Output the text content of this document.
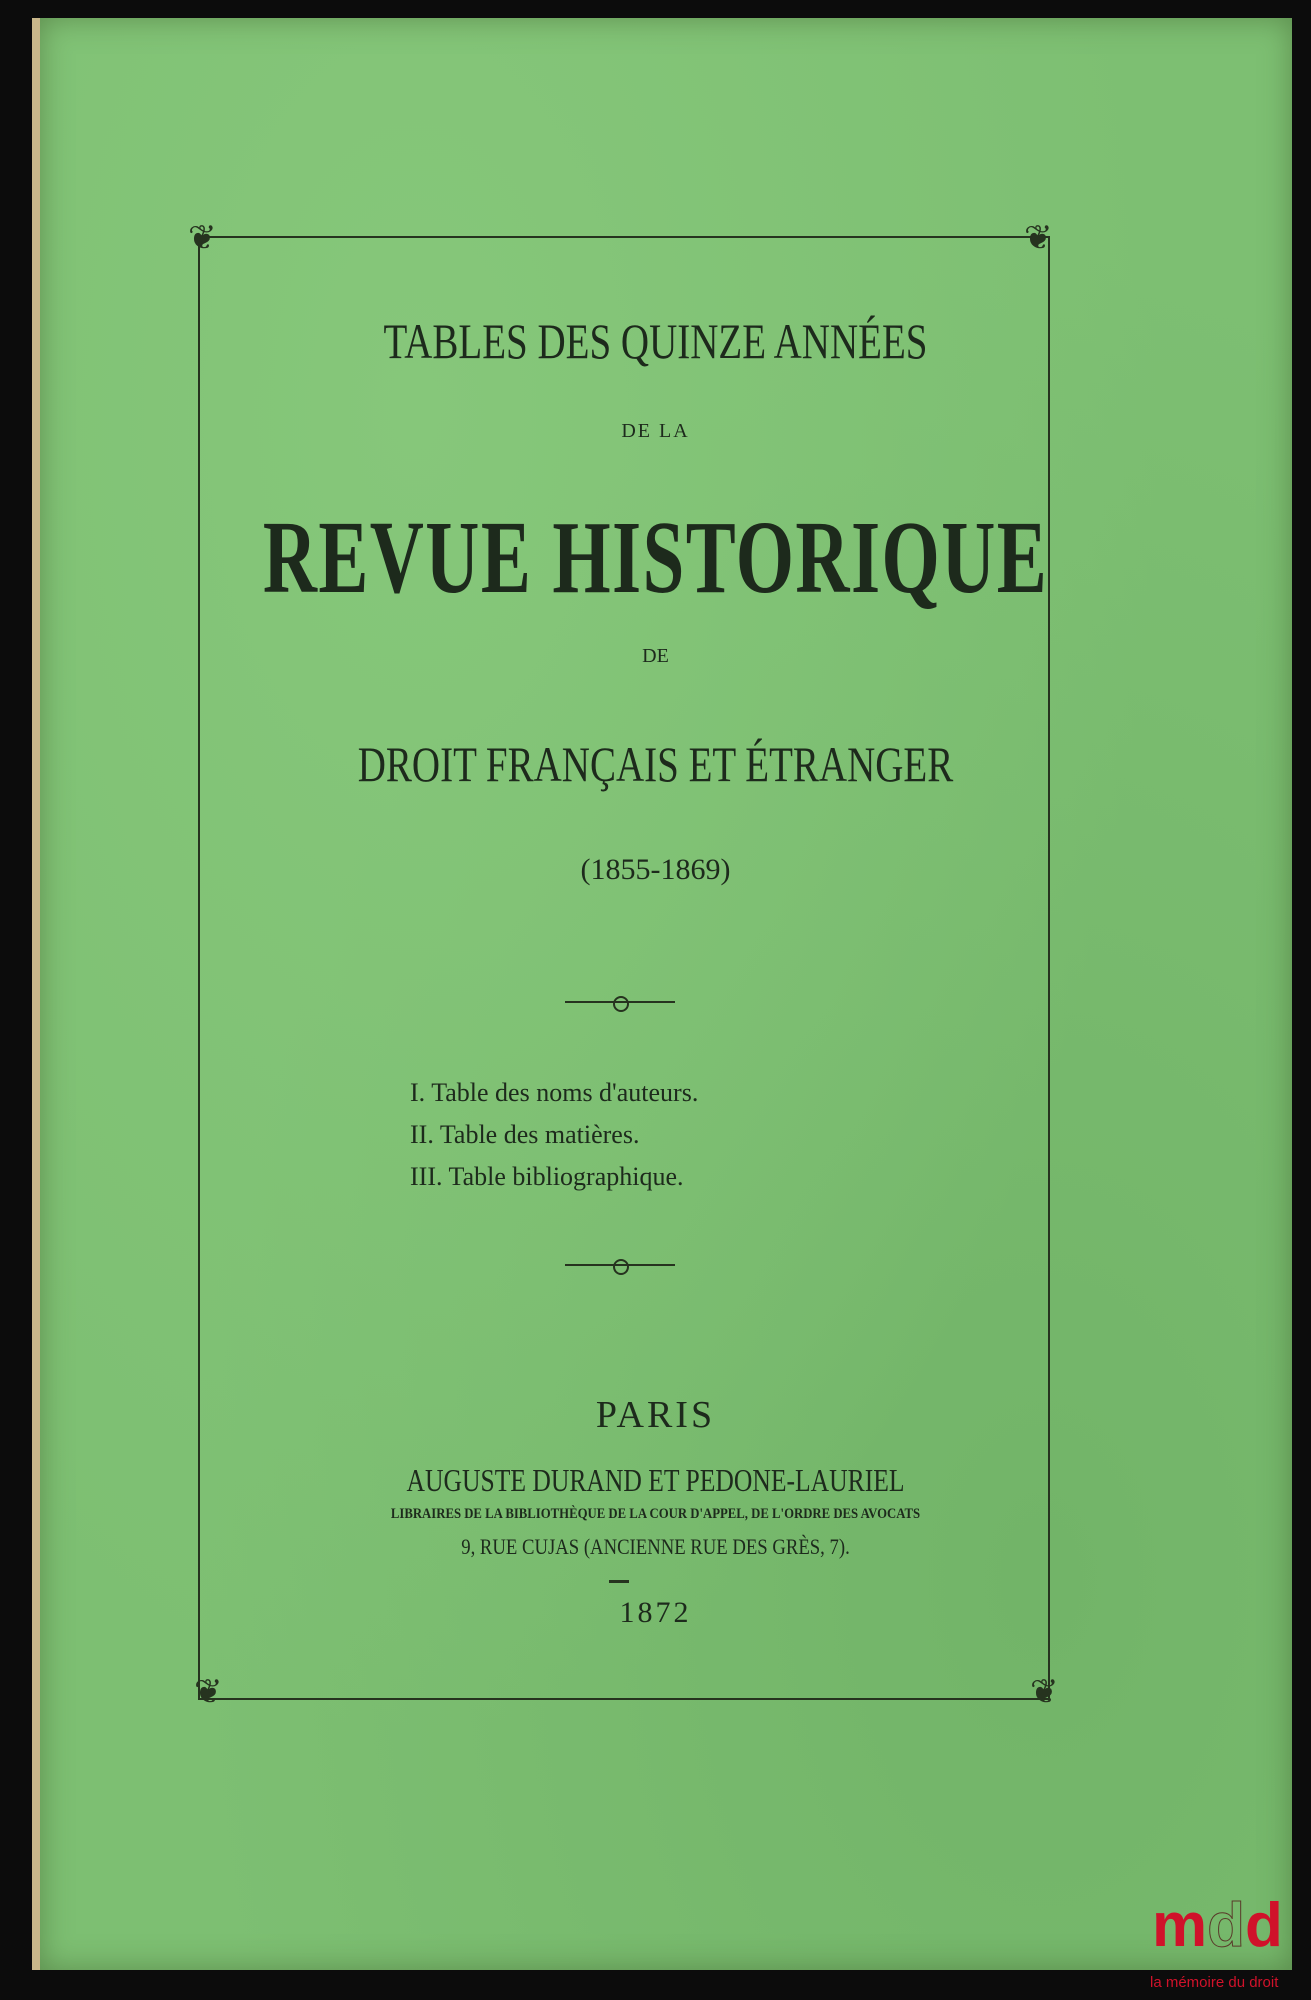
❦	❦
❦	❦
TABLES DES QUINZE ANNÉES
DE LA
REVUE HISTORIQUE
DE
DROIT FRANÇAIS ET ÉTRANGER
(1855-1869)
I. Table des noms d'auteurs.
II. Table des matières.
III. Table bibliographique.
PARIS
AUGUSTE DURAND ET PEDONE-LAURIEL
LIBRAIRES DE LA BIBLIOTHÈQUE DE LA COUR D'APPEL, DE L'ORDRE DES AVOCATS
9, RUE CUJAS (ANCIENNE RUE DES GRÈS, 7).
1872
mdd
la mémoire du droit
